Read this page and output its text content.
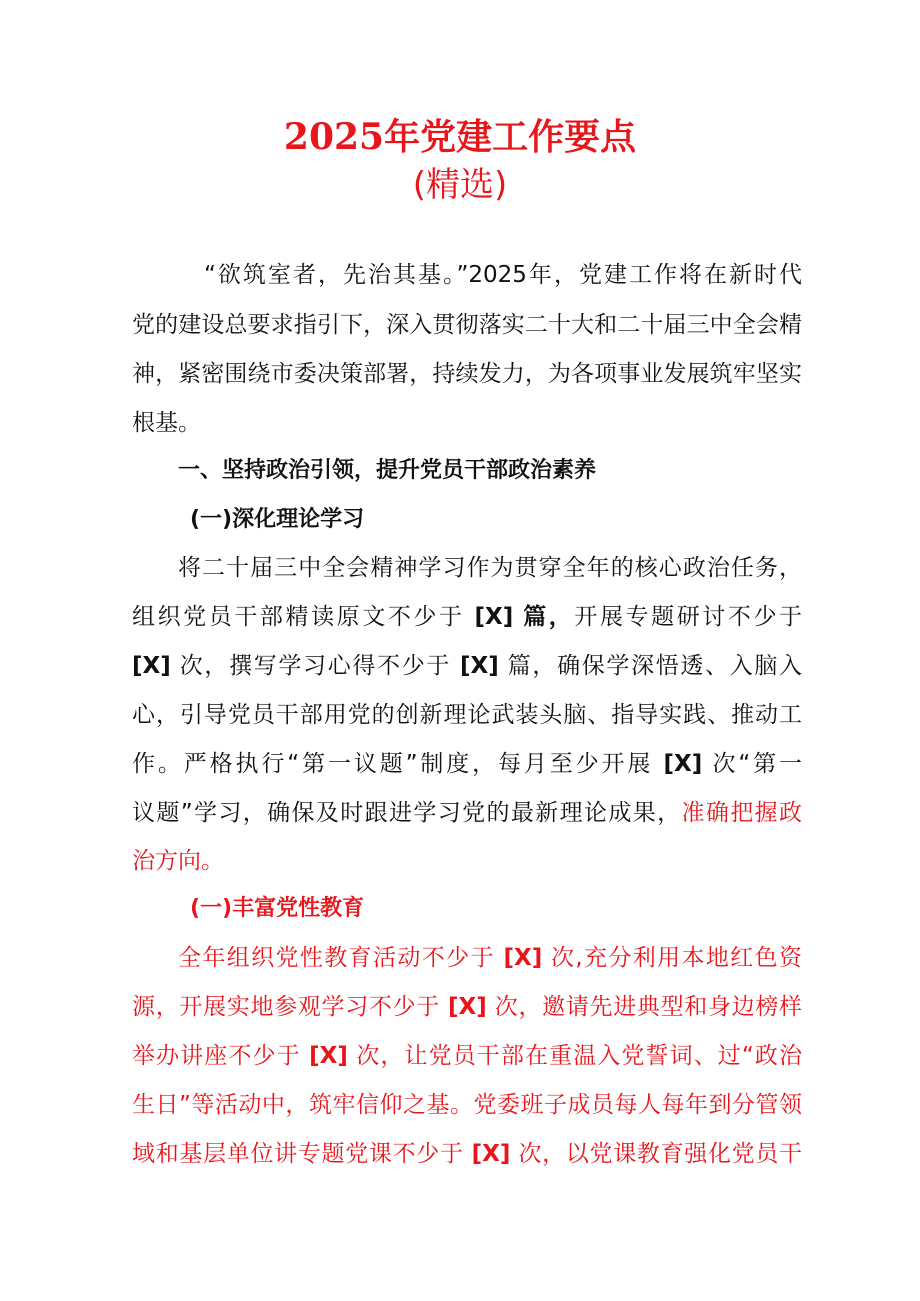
2025年党建工作要点
(精选)
“欲筑室者，先治其基。”2025年，党建工作将在新时代
党的建设总要求指引下，深入贯彻落实二十大和二十届三中全会精
神，紧密围绕市委决策部署，持续发力，为各项事业发展筑牢坚实
根基。
一、坚持政治引领，提升党员干部政治素养
(一)深化理论学习
将二十届三中全会精神学习作为贯穿全年的核心政治任务，
组织党员干部精读原文不少于 [X] 篇，开展专题研讨不少于
[X] 次，撰写学习心得不少于 [X] 篇，确保学深悟透、入脑入
心，引导党员干部用党的创新理论武装头脑、指导实践、推动工
作。严格执行“第一议题”制度，每月至少开展 [X] 次“第一
议题”学习，确保及时跟进学习党的最新理论成果，准确把握政
治方向。
(一)丰富党性教育
全年组织党性教育活动不少于 [X] 次,充分利用本地红色资
源，开展实地参观学习不少于 [X] 次，邀请先进典型和身边榜样
举办讲座不少于 [X] 次，让党员干部在重温入党誓词、过“政治
生日”等活动中，筑牢信仰之基。党委班子成员每人每年到分管领
域和基层单位讲专题党课不少于 [X] 次，以党课教育强化党员干
